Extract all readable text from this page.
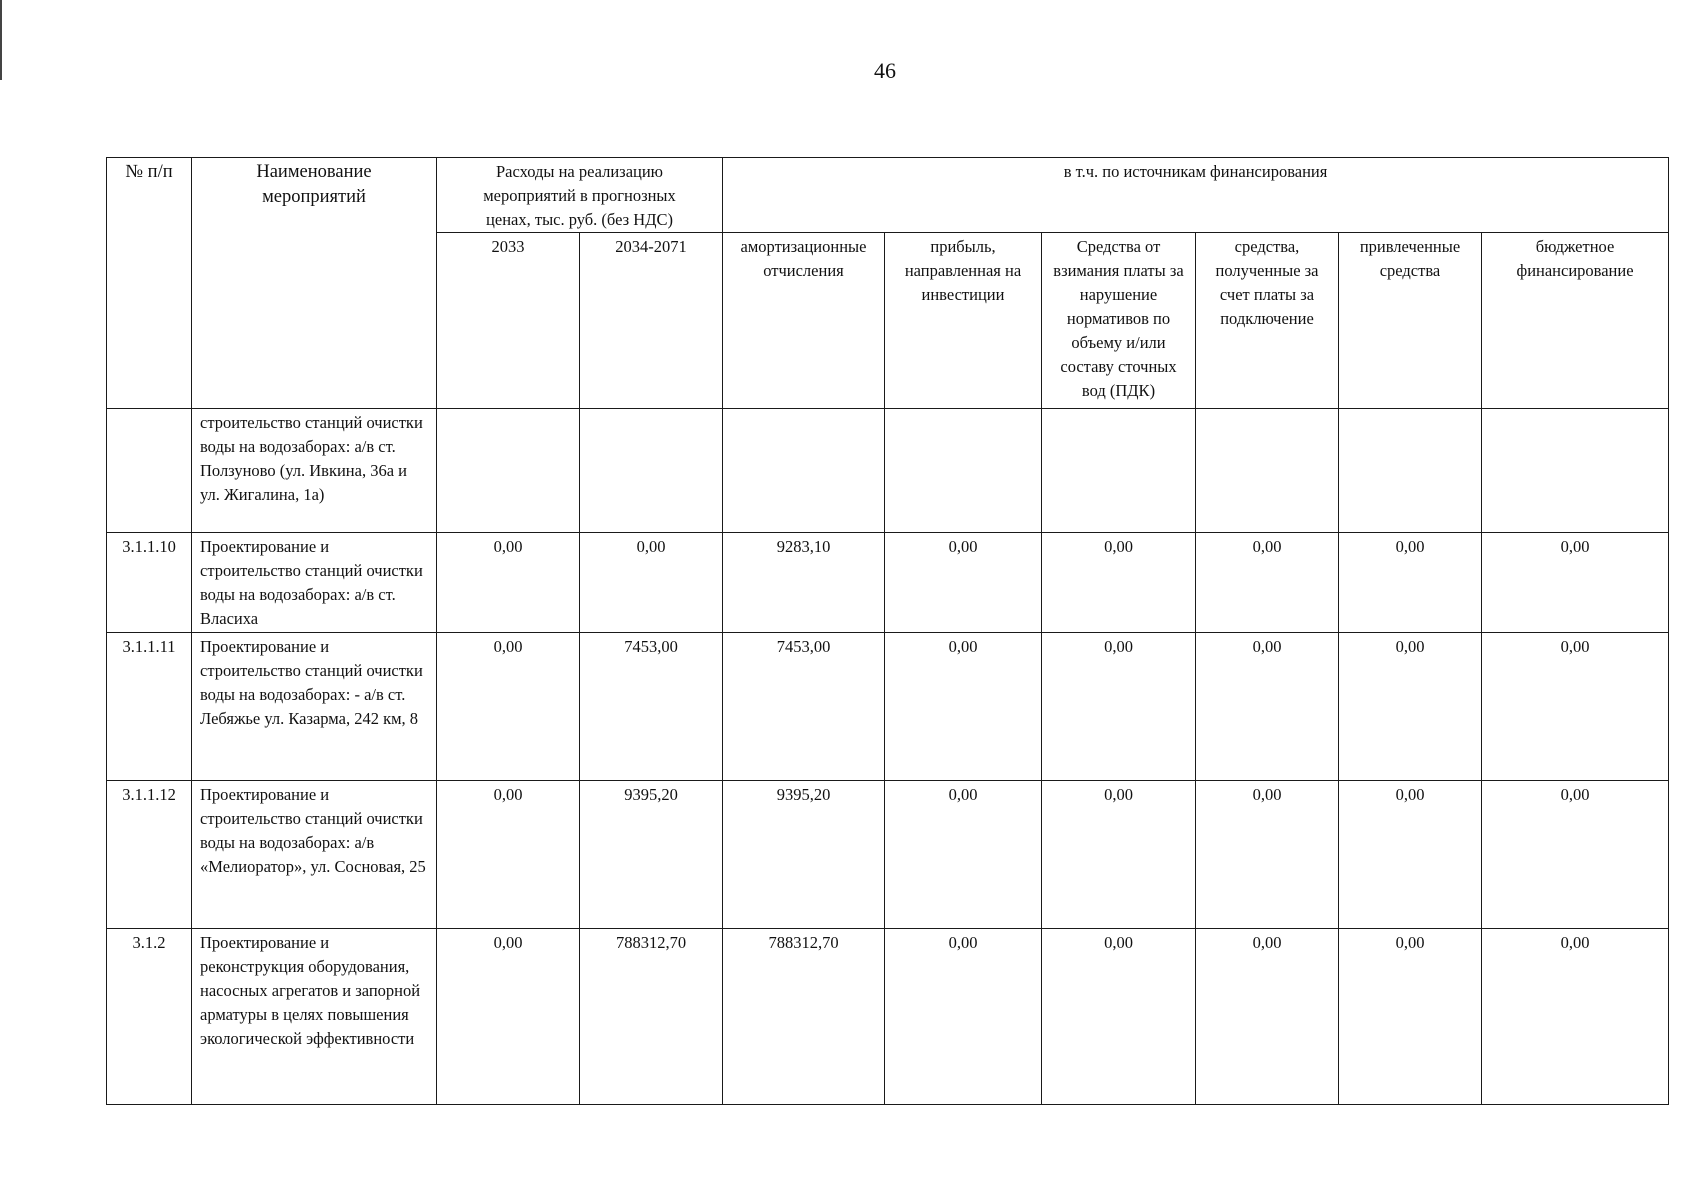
46
№ п/п	Наименование мероприятий	Расходы на реализацию мероприятий в прогнозных ценах, тыс. руб. (без НДС)		в т.ч. по источникам финансирования					
		2033	2034-2071	амортизационные отчисления	прибыль, направленная на инвестиции	Средства от взимания платы за нарушение нормативов по объему и/или составу сточных вод (ПДК)	средства, полученные за счет платы за подключение	привлеченные средства	бюджетное финансирование
	строительство станций очистки воды на водозаборах: а/в ст. Ползуново (ул. Ивкина, 36а и ул. Жигалина, 1а)								
3.1.1.10	Проектирование и строительство станций очистки воды на водозаборах: а/в ст. Власиха	0,00	0,00	9283,10	0,00	0,00	0,00	0,00	0,00
3.1.1.11	Проектирование и строительство станций очистки воды на водозаборах: - а/в ст. Лебяжье ул. Казарма, 242 км, 8	0,00	7453,00	7453,00	0,00	0,00	0,00	0,00	0,00
3.1.1.12	Проектирование и строительство станций очистки воды на водозаборах: а/в «Мелиоратор», ул. Сосновая, 25	0,00	9395,20	9395,20	0,00	0,00	0,00	0,00	0,00
3.1.2	Проектирование и реконструкция оборудования, насосных агрегатов и запорной арматуры в целях повышения экологической эффективности	0,00	788312,70	788312,70	0,00	0,00	0,00	0,00	0,00
